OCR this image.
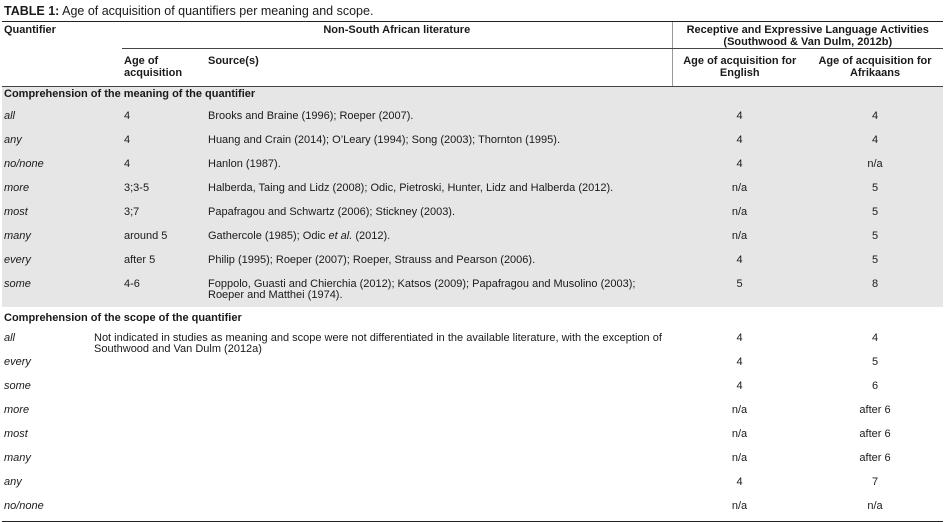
TABLE 1: Age of acquisition of quantifiers per meaning and scope.
Quantifier	Non-South African literature		Receptive and Expressive Language Activities
(Southwood & Van Dulm, 2012b)	

	Age of acquisition	Source(s)	Age of acquisition for English	Age of acquisition for Afrikaans
Comprehension of the meaning of the quantifier				
all	4	Brooks and Braine (1996); Roeper (2007).	4	4
any	4	Huang and Crain (2014); O’Leary (1994); Song (2003); Thornton (1995).	4	4
no/none	4	Hanlon (1987).	4	n/a
more	3;3-5	Halberda, Taing and Lidz (2008); Odic, Pietroski, Hunter, Lidz and Halberda (2012).	n/a	5
most	3;7	Papafragou and Schwartz (2006); Stickney (2003).	n/a	5
many	around 5	Gathercole (1985); Odic et al. (2012).	n/a	5
every	after 5	Philip (1995); Roeper (2007); Roeper, Strauss and Pearson (2006).	4	5
some	4-6	Foppolo, Guasti and Chierchia (2012); Katsos (2009); Papafragou and Musolino (2003); Roeper and Matthei (1974).	5	8
Comprehension of the scope of the quantifier				
all	Not indicated in studies as meaning and scope were not differentiated in the available literature, with the exception of Southwood and Van Dulm (2012a)		4	4
every			4	5
some			4	6
more			n/a	after 6
most			n/a	after 6
many			n/a	after 6
any			4	7
no/none			n/a	n/a
